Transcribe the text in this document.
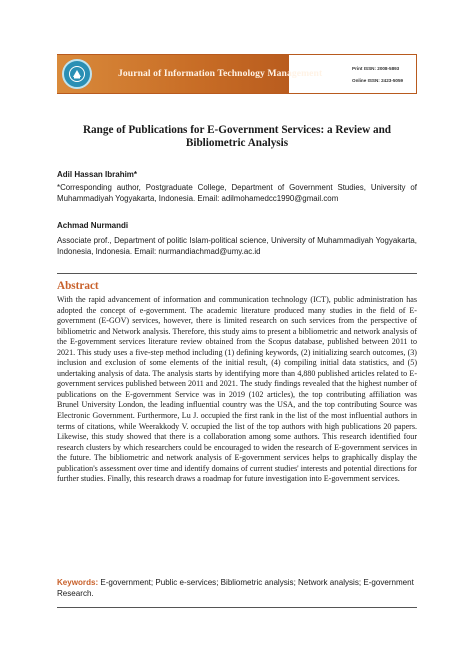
Journal of Information Technology Management	Print ISSN: 2008-5893
Online ISSN: 2423-5059
Range of Publications for E-Government Services: a Review and
Bibliometric Analysis
Adil Hassan Ibrahim*
*Corresponding author, Postgraduate College, Department of Government Studies, University of Muhammadiyah Yogyakarta, Indonesia. Email: adilmohamedcc1990@gmail.com
Achmad Nurmandi
Associate prof., Department of politic Islam-political science, University of Muhammadiyah Yogyakarta, Indonesia, Indonesia. Email: nurmandiachmad@umy.ac.id
Abstract
With the rapid advancement of information and communication technology (ICT), public administration has adopted the concept of e-government. The academic literature produced many studies in the field of E-government (E-GOV) services, however, there is limited research on such services from the perspective of bibliometric and Network analysis. Therefore, this study aims to present a bibliometric and network analysis of the E-government services literature review obtained from the Scopus database, published between 2011 to 2021. This study uses a five-step method including (1) defining keywords, (2) initializing search outcomes, (3) inclusion and exclusion of some elements of the initial result, (4) compiling initial data statistics, and (5) undertaking analysis of data. The analysis starts by identifying more than 4,880 published articles related to E-government services published between 2011 and 2021. The study findings revealed that the highest number of publications on the E-government Service was in 2019 (102 articles), the top contributing affiliation was Brunel University London, the leading influential country was the USA, and the top contributing Source was Electronic Government. Furthermore, Lu J. occupied the first rank in the list of the most influential authors in terms of citations, while Weerakkody V. occupied the list of the top authors with high publications 20 papers. Likewise, this study showed that there is a collaboration among some authors. This research identified four research clusters by which researchers could be encouraged to widen the research of E-government services in the future. The bibliometric and network analysis of E-government services helps to graphically display the publication's assessment over time and identify domains of current studies' interests and potential directions for further studies. Finally, this research draws a roadmap for future investigation into E-government services.
Keywords: E-government; Public e-services; Bibliometric analysis; Network analysis; E-government Research.
